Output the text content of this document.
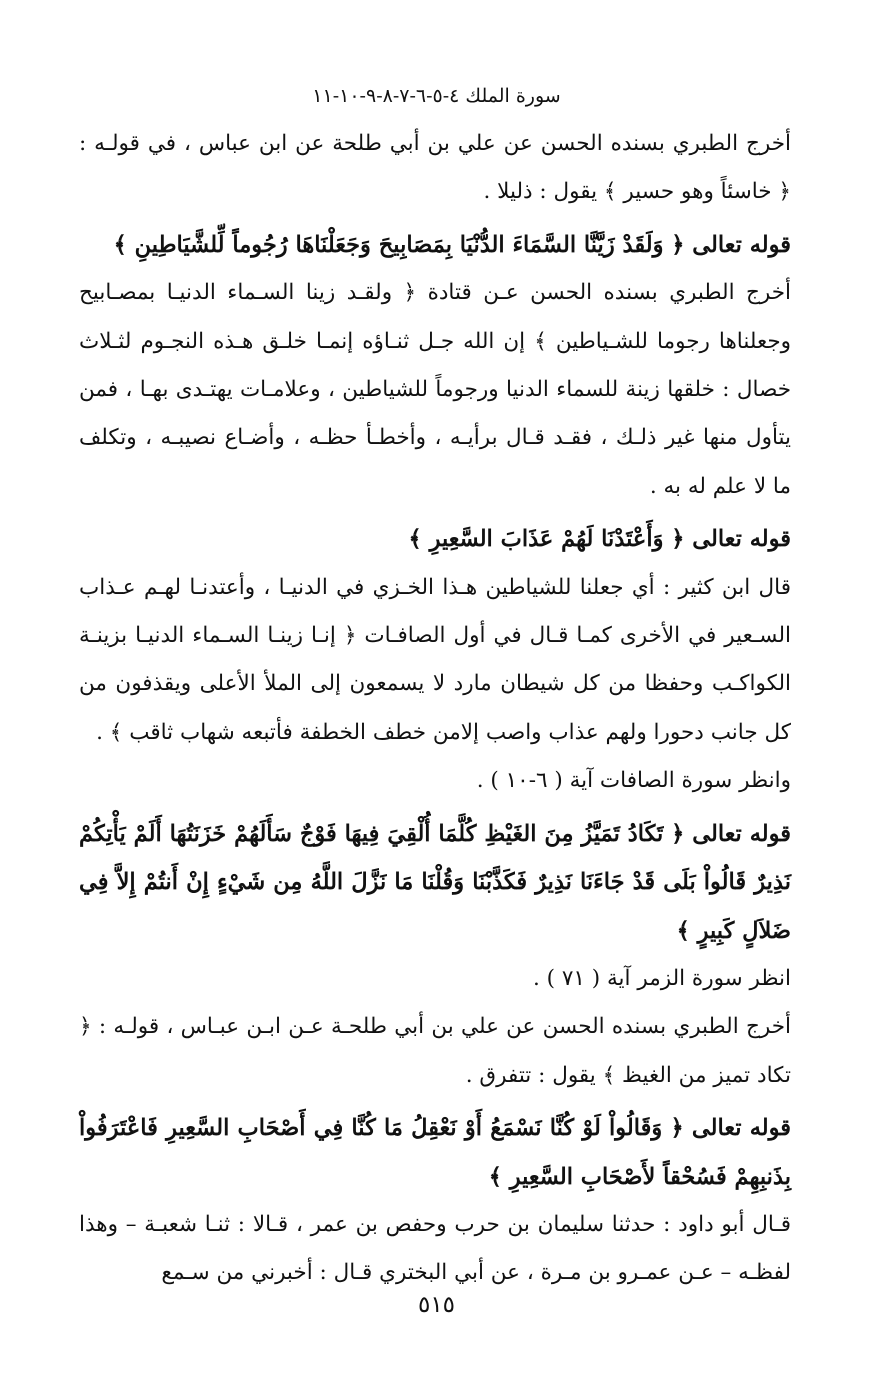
سورة الملك ٤-٥-٦-٧-٨-٩-١٠-١١

أخرج الطبري بسنده الحسن عن علي بن أبي طلحة عن ابن عباس ، في قولـه : ﴿ خاسئاً وهو حسير ﴾ يقول : ذليلا .

قوله تعالى ﴿ وَلَقَدْ زَيَّنَّا السَّمَاءَ الدُّنْيَا بِمَصَابِيحَ وَجَعَلْنَاهَا رُجُوماً لِّلشَّيَاطِينِ ﴾

أخرج الطبري بسنده الحسن عـن قتادة ﴿ ولقـد زينا السـماء الدنيـا بمصـابيح وجعلناها رجوما للشـياطين ﴾ إن الله جـل ثنـاؤه إنمـا خلـق هـذه النجـوم لثـلاث خصال : خلقها زينة للسماء الدنيا ورجوماً للشياطين ، وعلامـات يهتـدى بهـا ، فمن يتأول منها غير ذلـك ، فقـد قـال برأيـه ، وأخطـأ حظـه ، وأضـاع نصيبـه ، وتكلف ما لا علم له به .

قوله تعالى ﴿ وَأَعْتَدْنَا لَهُمْ عَذَابَ السَّعِيرِ ﴾

قال ابن كثير : أي جعلنا للشياطين هـذا الخـزي في الدنيـا ، وأعتدنـا لهـم عـذاب السـعير في الأخرى كمـا قـال في أول الصافـات ﴿ إنـا زينـا السـماء الدنيـا بزينـة الكواكـب وحفظا من كل شيطان مارد لا يسمعون إلى الملأ الأعلى ويقذفون من كل جانب دحورا ولهم عذاب واصب إلامن خطف الخطفة فأتبعه شهاب ثاقب ﴾ .

وانظر سورة الصافات آية ( ٦-١٠ ) .

قوله تعالى ﴿ تَكَادُ تَمَيَّزُ مِنَ الغَيْظِ كُلَّمَا أُلْقِيَ فِيهَا فَوْجٌ سَأَلَهُمْ خَزَنَتُهَا أَلَمْ يَأْتِكُمْ نَذِيرٌ قَالُواْ بَلَى قَدْ جَاءَنَا نَذِيرٌ فَكَذَّبْنَا وَقُلْنَا مَا نَزَّلَ اللَّهُ مِن شَيْءٍ إِنْ أَنتُمْ إِلاَّ فِي ضَلاَلٍ كَبِيرٍ ﴾

انظر سورة الزمر آية ( ٧١ ) .

أخرج الطبري بسنده الحسن عن علي بن أبي طلحـة عـن ابـن عبـاس ، قولـه : ﴿ تكاد تميز من الغيظ ﴾ يقول : تتفرق .

قوله تعالى ﴿ وَقَالُواْ لَوْ كُنَّا نَسْمَعُ أَوْ نَعْقِلُ مَا كُنَّا فِي أَصْحَابِ السَّعِيرِ فَاعْتَرَفُواْ بِذَنبِهِمْ فَسُحْقاً لأَصْحَابِ السَّعِيرِ ﴾

قـال أبو داود : حدثنا سليمان بن حرب وحفص بن عمر ، قـالا : ثنـا شعبـة – وهذا لفظـه – عـن عمـرو بن مـرة ، عن أبي البختري قـال : أخبرني من سـمع

٥١٥
